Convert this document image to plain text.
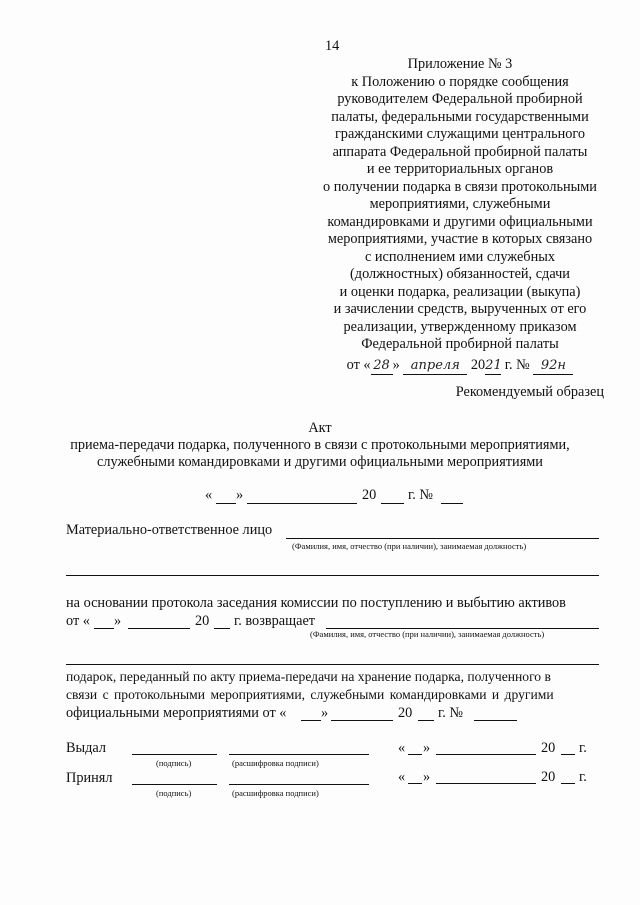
14
Приложение № 3
к Положению о порядке сообщения
руководителем Федеральной пробирной
палаты, федеральными государственными
гражданскими служащими центрального
аппарата Федеральной пробирной палаты
и ее территориальных органов
о получении подарка в связи протокольными
мероприятиями, служебными
командировками и другими официальными
мероприятиями, участие в которых связано
с исполнением ими служебных
(должностных) обязанностей, сдачи
и оценки подарка, реализации (выкупа)
и зачислении средств, вырученных от его
реализации, утвержденному приказом
Федеральной пробирной палаты
от « 28 » апреля 2021 г. № 92н
Рекомендуемый образец
Акт
приема-передачи подарка, полученного в связи с протокольными мероприятиями,
служебными командировками и другими официальными мероприятиями
« »	20 г. №
Материально-ответственное лицо
(Фамилия, имя, отчество (при наличии), занимаемая должность)
на основании протокола заседания комиссии по поступлению и выбытию активов
от « »	20 г. возвращает
(Фамилия, имя, отчество (при наличии), занимаемая должность)
подарок, переданный по акту приема-передачи на хранение подарка, полученного в
связи с протокольными мероприятиями, служебными командировками и другими
официальными мероприятиями от « »	20 г. №
Выдал
(подпись)	(расшифровка подписи)
« »	20 г.
Принял
(подпись)	(расшифровка подписи)
« »	20 г.
